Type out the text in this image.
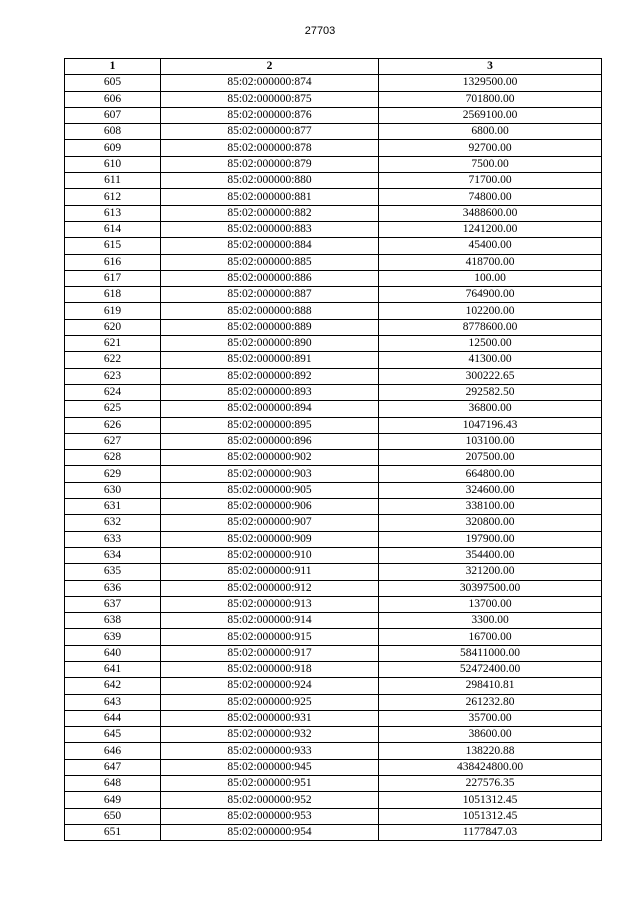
27703
1	2	3
605	85:02:000000:874	1329500.00
606	85:02:000000:875	701800.00
607	85:02:000000:876	2569100.00
608	85:02:000000:877	6800.00
609	85:02:000000:878	92700.00
610	85:02:000000:879	7500.00
611	85:02:000000:880	71700.00
612	85:02:000000:881	74800.00
613	85:02:000000:882	3488600.00
614	85:02:000000:883	1241200.00
615	85:02:000000:884	45400.00
616	85:02:000000:885	418700.00
617	85:02:000000:886	100.00
618	85:02:000000:887	764900.00
619	85:02:000000:888	102200.00
620	85:02:000000:889	8778600.00
621	85:02:000000:890	12500.00
622	85:02:000000:891	41300.00
623	85:02:000000:892	300222.65
624	85:02:000000:893	292582.50
625	85:02:000000:894	36800.00
626	85:02:000000:895	1047196.43
627	85:02:000000:896	103100.00
628	85:02:000000:902	207500.00
629	85:02:000000:903	664800.00
630	85:02:000000:905	324600.00
631	85:02:000000:906	338100.00
632	85:02:000000:907	320800.00
633	85:02:000000:909	197900.00
634	85:02:000000:910	354400.00
635	85:02:000000:911	321200.00
636	85:02:000000:912	30397500.00
637	85:02:000000:913	13700.00
638	85:02:000000:914	3300.00
639	85:02:000000:915	16700.00
640	85:02:000000:917	58411000.00
641	85:02:000000:918	52472400.00
642	85:02:000000:924	298410.81
643	85:02:000000:925	261232.80
644	85:02:000000:931	35700.00
645	85:02:000000:932	38600.00
646	85:02:000000:933	138220.88
647	85:02:000000:945	438424800.00
648	85:02:000000:951	227576.35
649	85:02:000000:952	1051312.45
650	85:02:000000:953	1051312.45
651	85:02:000000:954	1177847.03
